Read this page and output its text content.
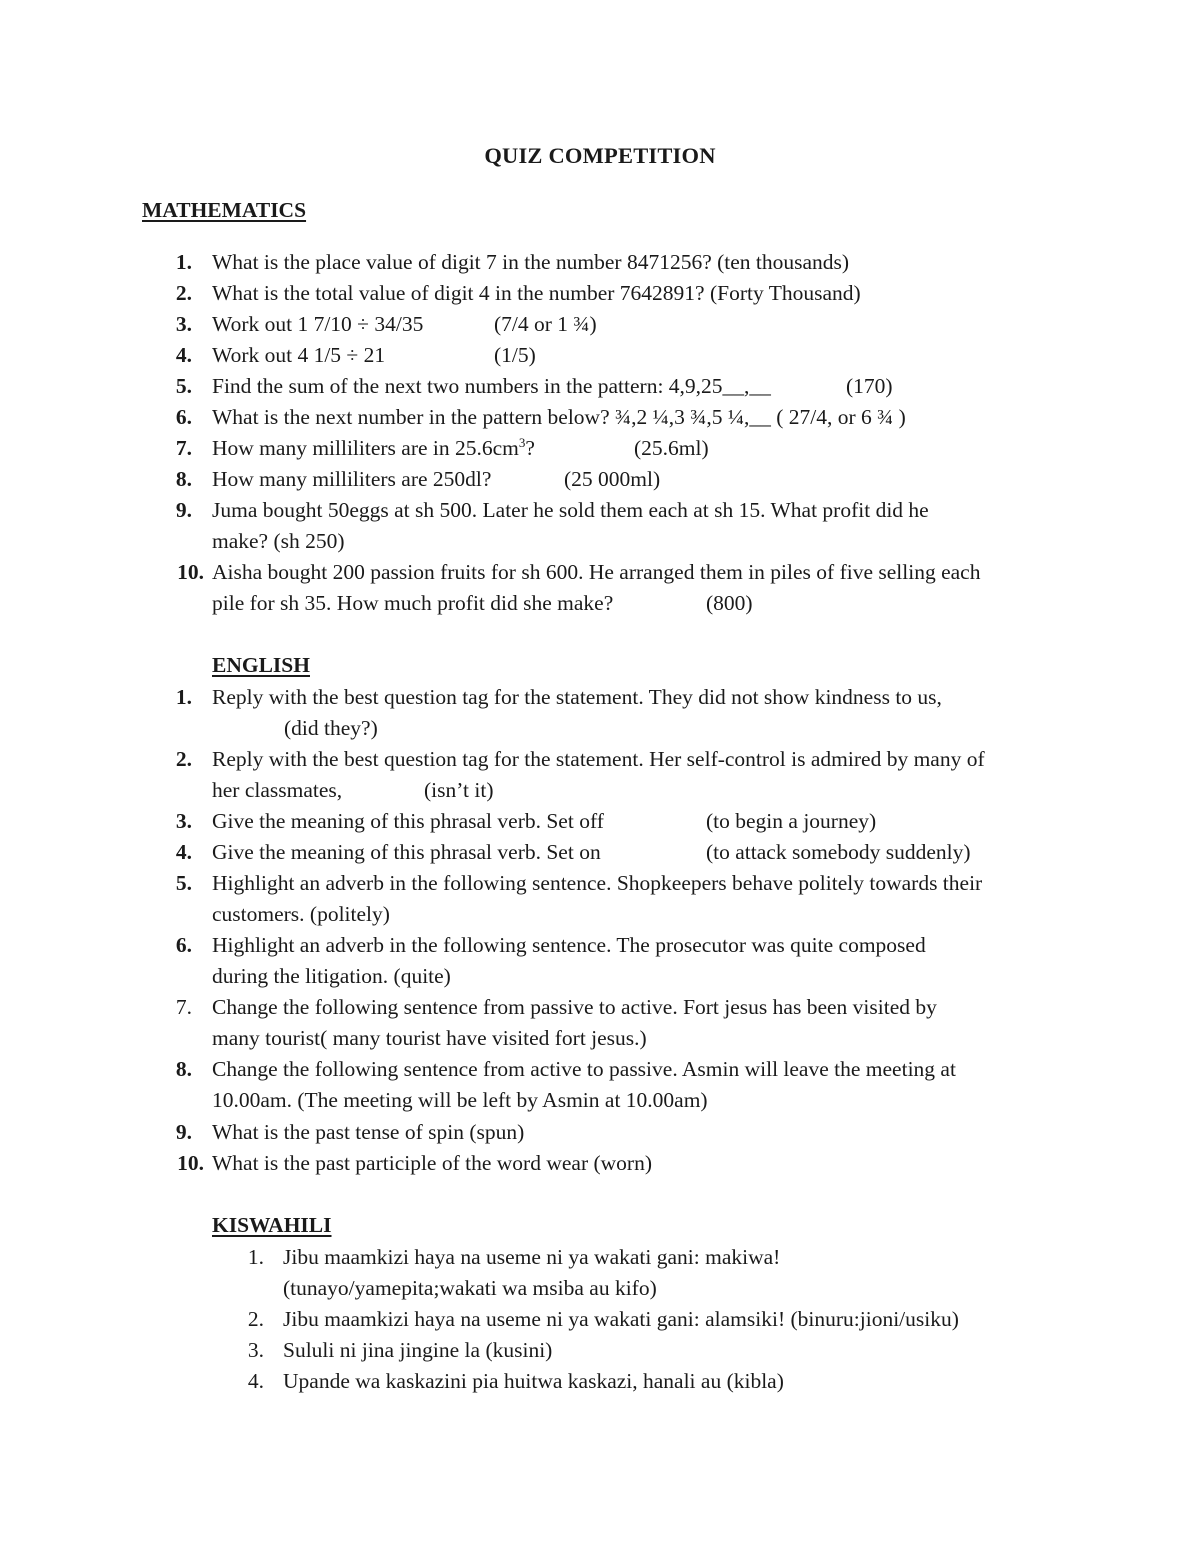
QUIZ COMPETITION
MATHEMATICS
1. What is the place value of digit 7 in the number 8471256? (ten thousands)
2. What is the total value of digit 4 in the number 7642891? (Forty Thousand)
3. Work out 1 7/10 ÷ 34/35	(7/4 or 1 ¾)
4. Work out 4 1/5 ÷ 21	(1/5)
5. Find the sum of the next two numbers in the pattern: 4,9,25__,__	(170)
6. What is the next number in the pattern below? ¾,2 ¼,3 ¾,5 ¼,__ ( 27/4, or 6 ¾ )
7. How many milliliters are in $25.6cm^3$?	(25.6ml)
8. How many milliliters are 250dl?	(25 000ml)
9. Juma bought 50eggs at sh 500. Later he sold them each at sh 15. What profit did he
make? (sh 250)
10. Aisha bought 200 passion fruits for sh 600. He arranged them in piles of five selling each
pile for sh 35. How much profit did she make?	(800)
ENGLISH
1. Reply with the best question tag for the statement. They did not show kindness to us,
(did they?)
2. Reply with the best question tag for the statement. Her self-control is admired by many of
her classmates,	(isn’t it)
3. Give the meaning of this phrasal verb. Set off	(to begin a journey)
4. Give the meaning of this phrasal verb. Set on	(to attack somebody suddenly)
5. Highlight an adverb in the following sentence. Shopkeepers behave politely towards their
customers. (politely)
6. Highlight an adverb in the following sentence. The prosecutor was quite composed
during the litigation. (quite)
7. Change the following sentence from passive to active. Fort jesus has been visited by
many tourist( many tourist have visited fort jesus.)
8. Change the following sentence from active to passive. Asmin will leave the meeting at
10.00am. (The meeting will be left by Asmin at 10.00am)
9. What is the past tense of spin (spun)
10. What is the past participle of the word wear (worn)
KISWAHILI
1. Jibu maamkizi haya na useme ni ya wakati gani: makiwa!
(tunayo/yamepita;wakati wa msiba au kifo)
2. Jibu maamkizi haya na useme ni ya wakati gani: alamsiki! (binuru:jioni/usiku)
3. Sululi ni jina jingine la (kusini)
4. Upande wa kaskazini pia huitwa kaskazi, hanali au (kibla)
